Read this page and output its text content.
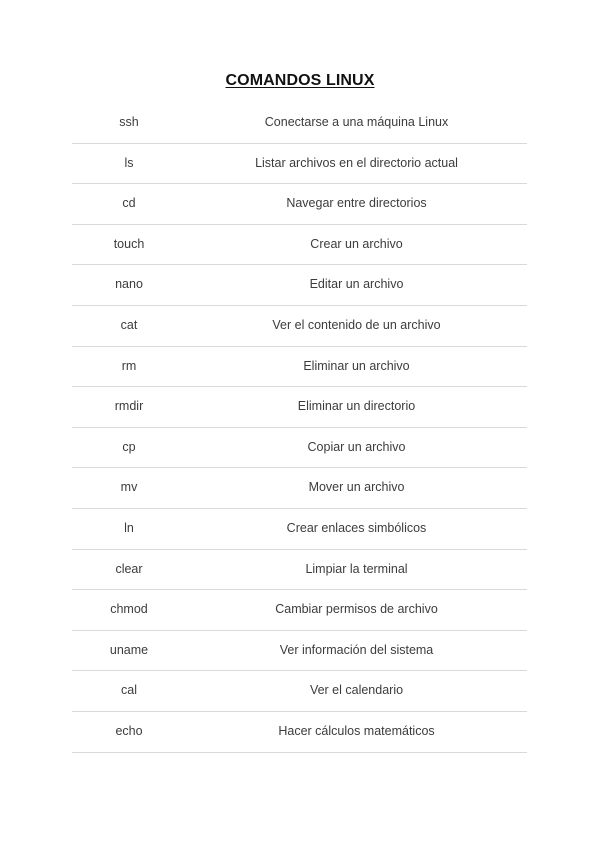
COMANDOS LINUX
ssh	Conectarse a una máquina Linux
ls	Listar archivos en el directorio actual
cd	Navegar entre directorios
touch	Crear un archivo
nano	Editar un archivo
cat	Ver el contenido de un archivo
rm	Eliminar un archivo
rmdir	Eliminar un directorio
cp	Copiar un archivo
mv	Mover un archivo
ln	Crear enlaces simbólicos
clear	Limpiar la terminal
chmod	Cambiar permisos de archivo
uname	Ver información del sistema
cal	Ver el calendario
echo	Hacer cálculos matemáticos
